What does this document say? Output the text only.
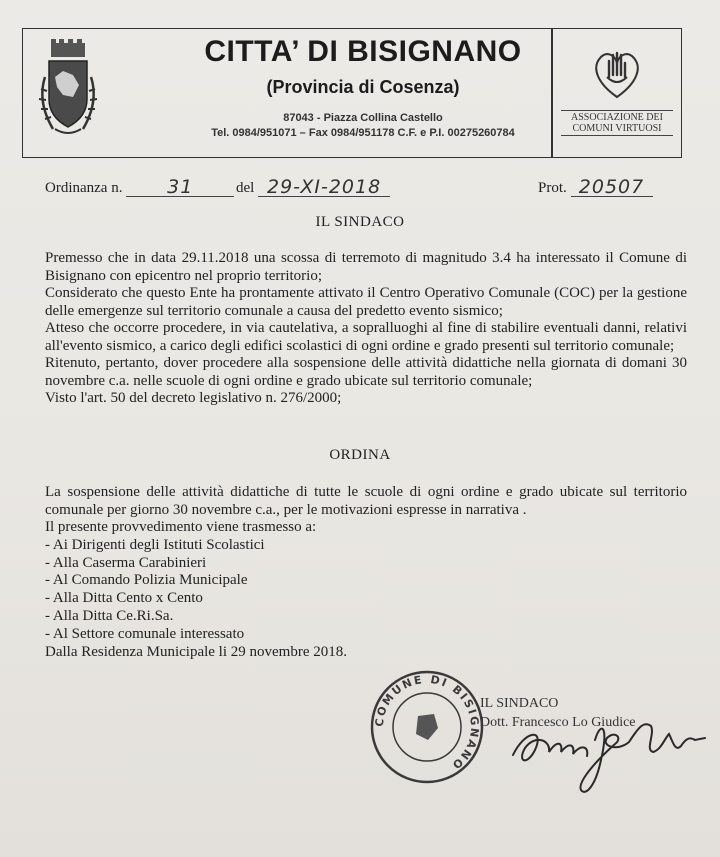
CITTA’ DI BISIGNANO
(Provincia di Cosenza)
87043 - Piazza Collina Castello
Tel. 0984/951071 – Fax 0984/951178 C.F. e P.I. 00275260784
ASSOCIAZIONE DEI
COMUNI VIRTUOSI
Ordinanza n. 31	del 29-XI-2018	Prot. 20507
IL SINDACO
Premesso che in data 29.11.2018 una scossa di terremoto di magnitudo 3.4 ha interessato il Comune di Bisignano con epicentro nel proprio territorio;
Considerato che questo Ente ha prontamente attivato il Centro Operativo Comunale (COC) per la gestione delle emergenze sul territorio comunale a causa del predetto evento sismico;
Atteso che occorre procedere, in via cautelativa, a sopralluoghi al fine di stabilire eventuali danni, relativi all'evento sismico, a carico degli edifici scolastici di ogni ordine e grado presenti sul territorio comunale;
Ritenuto, pertanto, dover procedere alla sospensione delle attività didattiche nella giornata di domani 30 novembre c.a. nelle scuole di ogni ordine e grado ubicate sul territorio comunale;
Visto l'art. 50 del decreto legislativo n. 276/2000;
ORDINA
La sospensione delle attività didattiche di tutte le scuole di ogni ordine e grado ubicate sul territorio comunale per giorno 30 novembre c.a., per le motivazioni espresse in narrativa .
Il presente provvedimento viene trasmesso a:
- Ai Dirigenti degli Istituti Scolastici
- Alla Caserma Carabinieri
- Al Comando Polizia Municipale
- Alla Ditta Cento x Cento
- Alla Ditta Ce.Ri.Sa.
- Al Settore comunale interessato
Dalla Residenza Municipale li 29 novembre 2018.
COMUNE DI BISIGNANO
IL SINDACO
Dott. Francesco Lo Giudice
